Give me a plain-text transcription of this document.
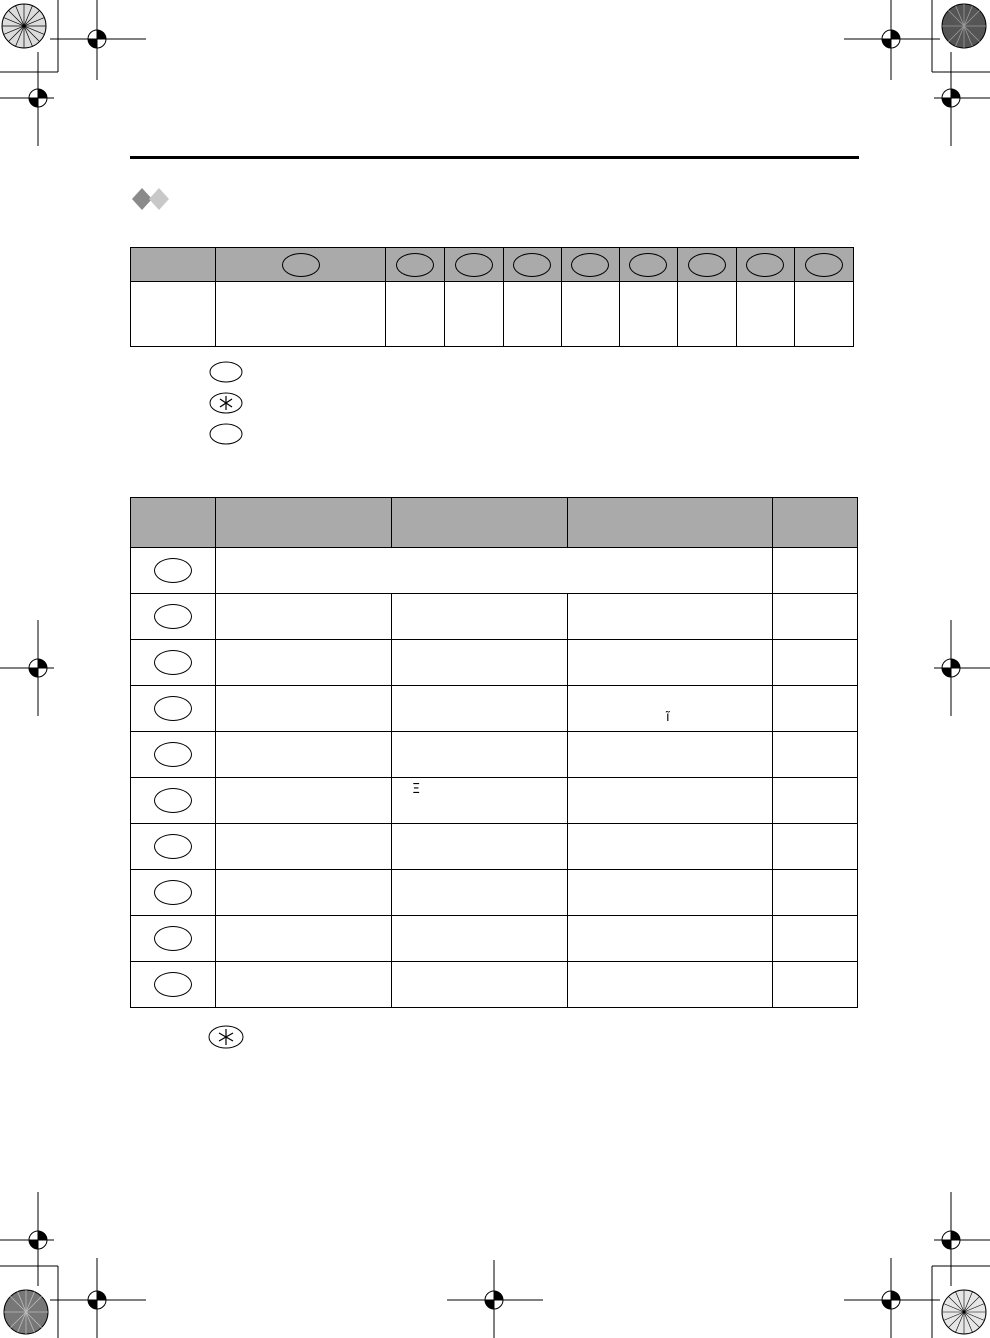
			ĩ	

		Ξ		
